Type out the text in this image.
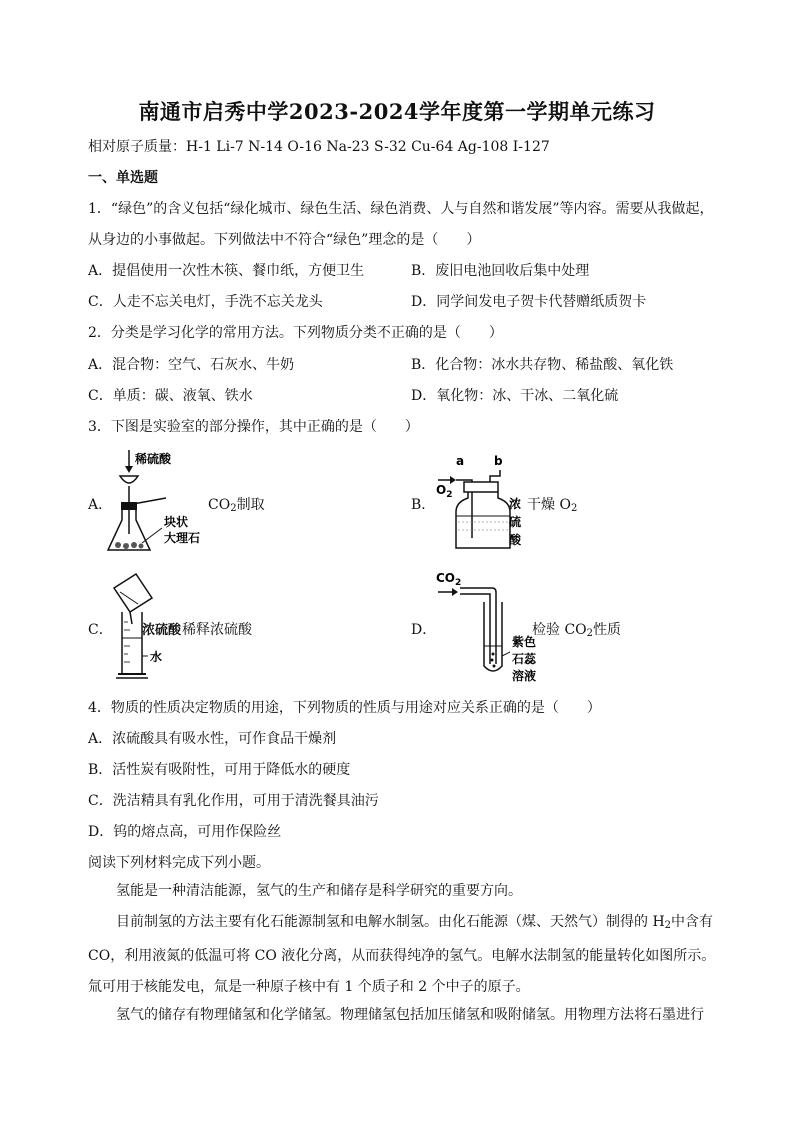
南通市启秀中学2023-2024学年度第一学期单元练习
相对原子质量：H-1 Li-7 N-14 O-16 Na-23 S-32 Cu-64 Ag-108 I-127
一、单选题
1．“绿色”的含义包括“绿化城市、绿色生活、绿色消费、人与自然和谐发展”等内容。需要从我做起，
从身边的小事做起。下列做法中不符合“绿色”理念的是（　　）
A．提倡使用一次性木筷、餐巾纸，方便卫生	B．废旧电池回收后集中处理
C．人走不忘关电灯，手洗不忘关龙头	D．同学间发电子贺卡代替赠纸质贺卡
2．分类是学习化学的常用方法。下列物质分类不正确的是（　　）
A．混合物：空气、石灰水、牛奶	B．化合物：冰水共存物、稀盐酸、氧化铁
C．单质：碳、液氧、铁水	D．氧化物：冰、干冰、二氧化硫
3．下图是实验室的部分操作，其中正确的是（　　）
A．
稀硫酸
块状
大理石
$CO_2$制取	B．
a b
$O_2$
浓
硫
酸
干燥 $O_2$
C．
水
浓硫酸 稀释浓硫酸	D．
$CO_2$
紫色
石蕊
溶液
检验 $CO_2$性质
4．物质的性质决定物质的用途，下列物质的性质与用途对应关系正确的是（　　）
A．浓硫酸具有吸水性，可作食品干燥剂
B．活性炭有吸附性，可用于降低水的硬度
C．洗洁精具有乳化作用，可用于清洗餐具油污
D．钨的熔点高，可用作保险丝
阅读下列材料完成下列小题。
氢能是一种清洁能源，氢气的生产和储存是科学研究的重要方向。
目前制氢的方法主要有化石能源制氢和电解水制氢。由化石能源（煤、天然气）制得的 $H_2$中含有 CO，利用液氮的低温可将 CO 液化分离，从而获得纯净的氢气。电解水法制氢的能量转化如图所示。氚可用于核能发电，氚是一种原子核中有 1 个质子和 2 个中子的原子。
氢气的储存有物理储氢和化学储氢。物理储氢包括加压储氢和吸附储氢。用物理方法将石墨进行
